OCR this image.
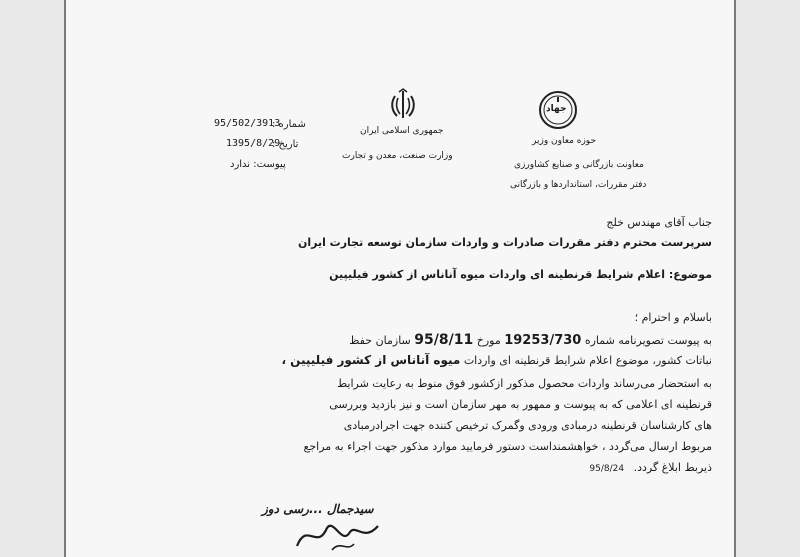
جمهوری اسلامی ایران
وزارت صنعت، معدن و تجارت
جهاد
حوزه معاون وزیر
معاونت بازرگانی و صنایع کشاورزی
دفتر مقررات، استانداردها و بازرگانی
شماره :
95/502/3913
تاریخ :
1395/8/29
پیوست: ندارد
جناب آقای مهندس خلج
سرپرست محترم دفتر مقررات صادرات و واردات سازمان توسعه تجارت ایران
موضوع: اعلام شرایط قرنطینه ای واردات میوه آناناس از کشور فیلیپین
باسلام و احترام ؛
به پیوست تصویرنامه شماره 19253/730 مورخ 95/8/11 سازمان حفظ
نباتات کشور، موضوع اعلام شرایط قرنطینه ای واردات میوه آناناس از کشور فیلیپین ،
به استحضار می‌رساند واردات محصول مذکور ازکشور فوق منوط به رعایت شرایط
قرنطینه ای اعلامی که به پیوست و ممهور به مهر سازمان است و نیز بازدید وبررسی
های کارشناسان قرنطینه درمبادی ورودی وگمرک ترخیص کننده جهت اجرادرمبادی
مربوط ارسال می‌گردد ، خواهشمنداست دستور فرمایید موارد مذکور جهت اجراء به مراجع
ذیربط ابلاغ گردد. 95/8/24
سیدجمال ...رسی دوز
